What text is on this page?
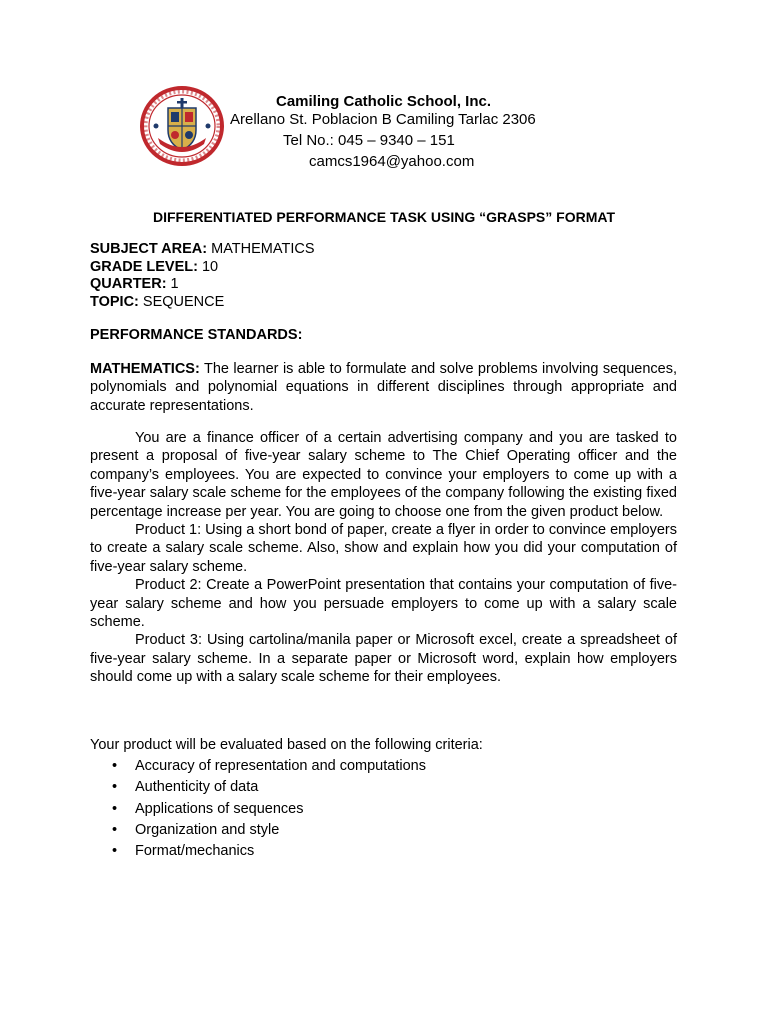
Camiling Catholic School, Inc.
Arellano St. Poblacion B Camiling Tarlac 2306
Tel No.: 045 – 9340 – 151
camcs1964@yahoo.com
DIFFERENTIATED PERFORMANCE TASK USING “GRASPS” FORMAT
SUBJECT AREA: MATHEMATICS
GRADE LEVEL: 10
QUARTER: 1
TOPIC: SEQUENCE
PERFORMANCE STANDARDS:

MATHEMATICS: The learner is able to formulate and solve problems involving sequences, polynomials and polynomial equations in different disciplines through appropriate and accurate representations.

You are a finance officer of a certain advertising company and you are tasked to present a proposal of five-year salary scheme to The Chief Operating officer and the company’s employees. You are expected to convince your employers to come up with a five-year salary scale scheme for the employees of the company following the existing fixed percentage increase per year. You are going to choose one from the given product below.

Product 1: Using a short bond of paper, create a flyer in order to convince employers to create a salary scale scheme. Also, show and explain how you did your computation of five-year salary scheme.

Product 2: Create a PowerPoint presentation that contains your computation of five-year salary scheme and how you persuade employers to come up with a salary scale scheme.

Product 3: Using cartolina/manila paper or Microsoft excel, create a spreadsheet of five-year salary scheme. In a separate paper or Microsoft word, explain how employers should come up with a salary scale scheme for their employees.

Your product will be evaluated based on the following criteria:
• Accuracy of representation and computations
• Authenticity of data
• Applications of sequences
• Organization and style
• Format/mechanics
